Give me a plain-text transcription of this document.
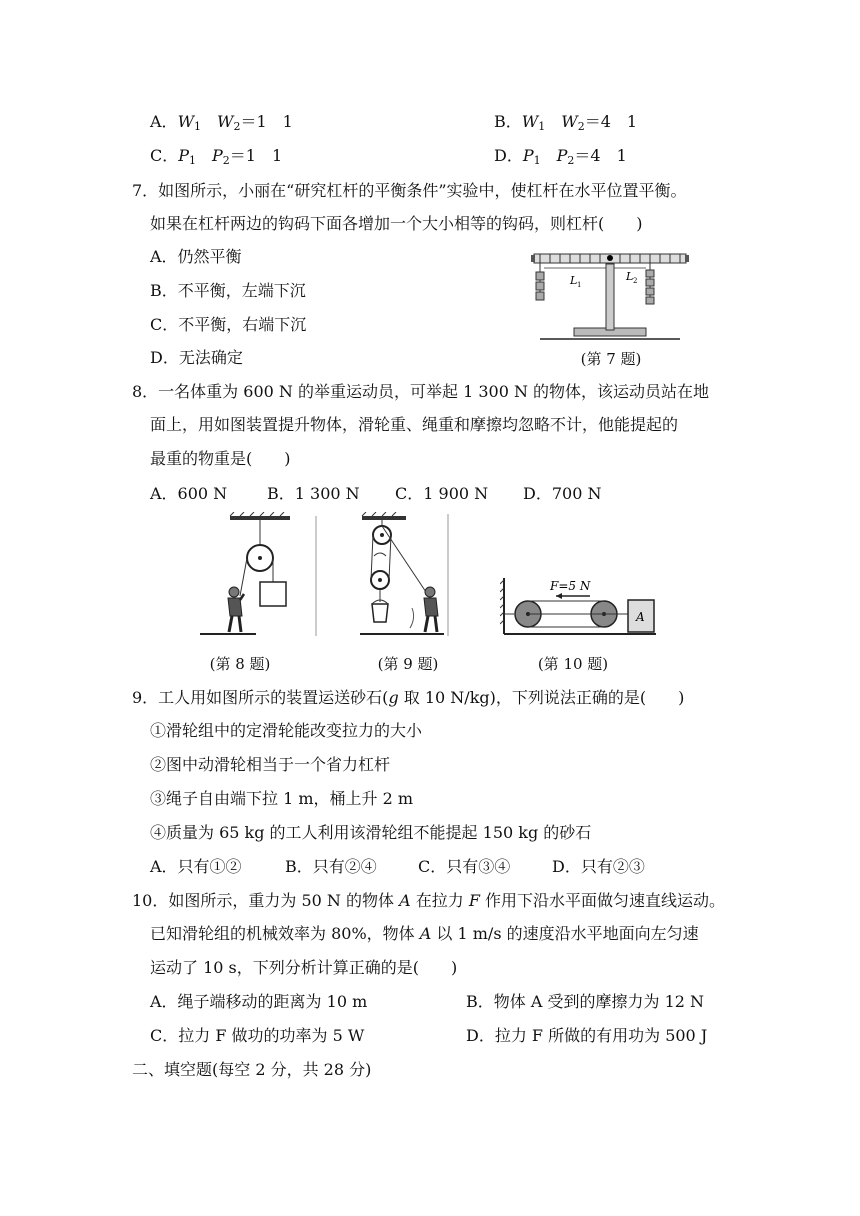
A．$W_1$　 $W_2=1$　1	B．$W_1$　 $W_2=4$　1
C．$P_1$　 $P_2=1$　1	D．$P_1$　 $P_2=4$　1
7．如图所示，小丽在“研究杠杆的平衡条件”实验中，使杠杆在水平位置平衡。
如果在杠杆两边的钩码下面各增加一个大小相等的钩码，则杠杆(　　)
A．仍然平衡
B．不平衡，左端下沉
C．不平衡，右端下沉
D．无法确定
L 1
L 2
(第 7 题)
8．一名体重为 600 N 的举重运动员，可举起 1 300 N 的物体，该运动员站在地
面上，用如图装置提升物体，滑轮重、绳重和摩擦均忽略不计，他能提起的
最重的物重是(　　)
A．600 N B．1 300 N C．1 900 N D．700 N
(第 8 题)	(第 9 题)
A
F=5 N
(第 10 题)
9．工人用如图所示的装置运送砂石(g 取 10 N/kg)，下列说法正确的是(　　)
①滑轮组中的定滑轮能改变拉力的大小
②图中动滑轮相当于一个省力杠杆
③绳子自由端下拉 1 m，桶上升 2 m
④质量为 65 kg 的工人利用该滑轮组不能提起 150 kg 的砂石
A．只有①②	B．只有②④	C．只有③④	D．只有②③
10．如图所示，重力为 50 N 的物体 A 在拉力 F 作用下沿水平面做匀速直线运动。
已知滑轮组的机械效率为 80%，物体 A 以 1 m/s 的速度沿水平地面向左匀速
运动了 10 s，下列分析计算正确的是(　　)
A．绳子端移动的距离为 10 m	B．物体 A 受到的摩擦力为 12 N
C．拉力 F 做功的功率为 5 W	D．拉力 F 所做的有用功为 500 J
二、填空题(每空 2 分，共 28 分)
